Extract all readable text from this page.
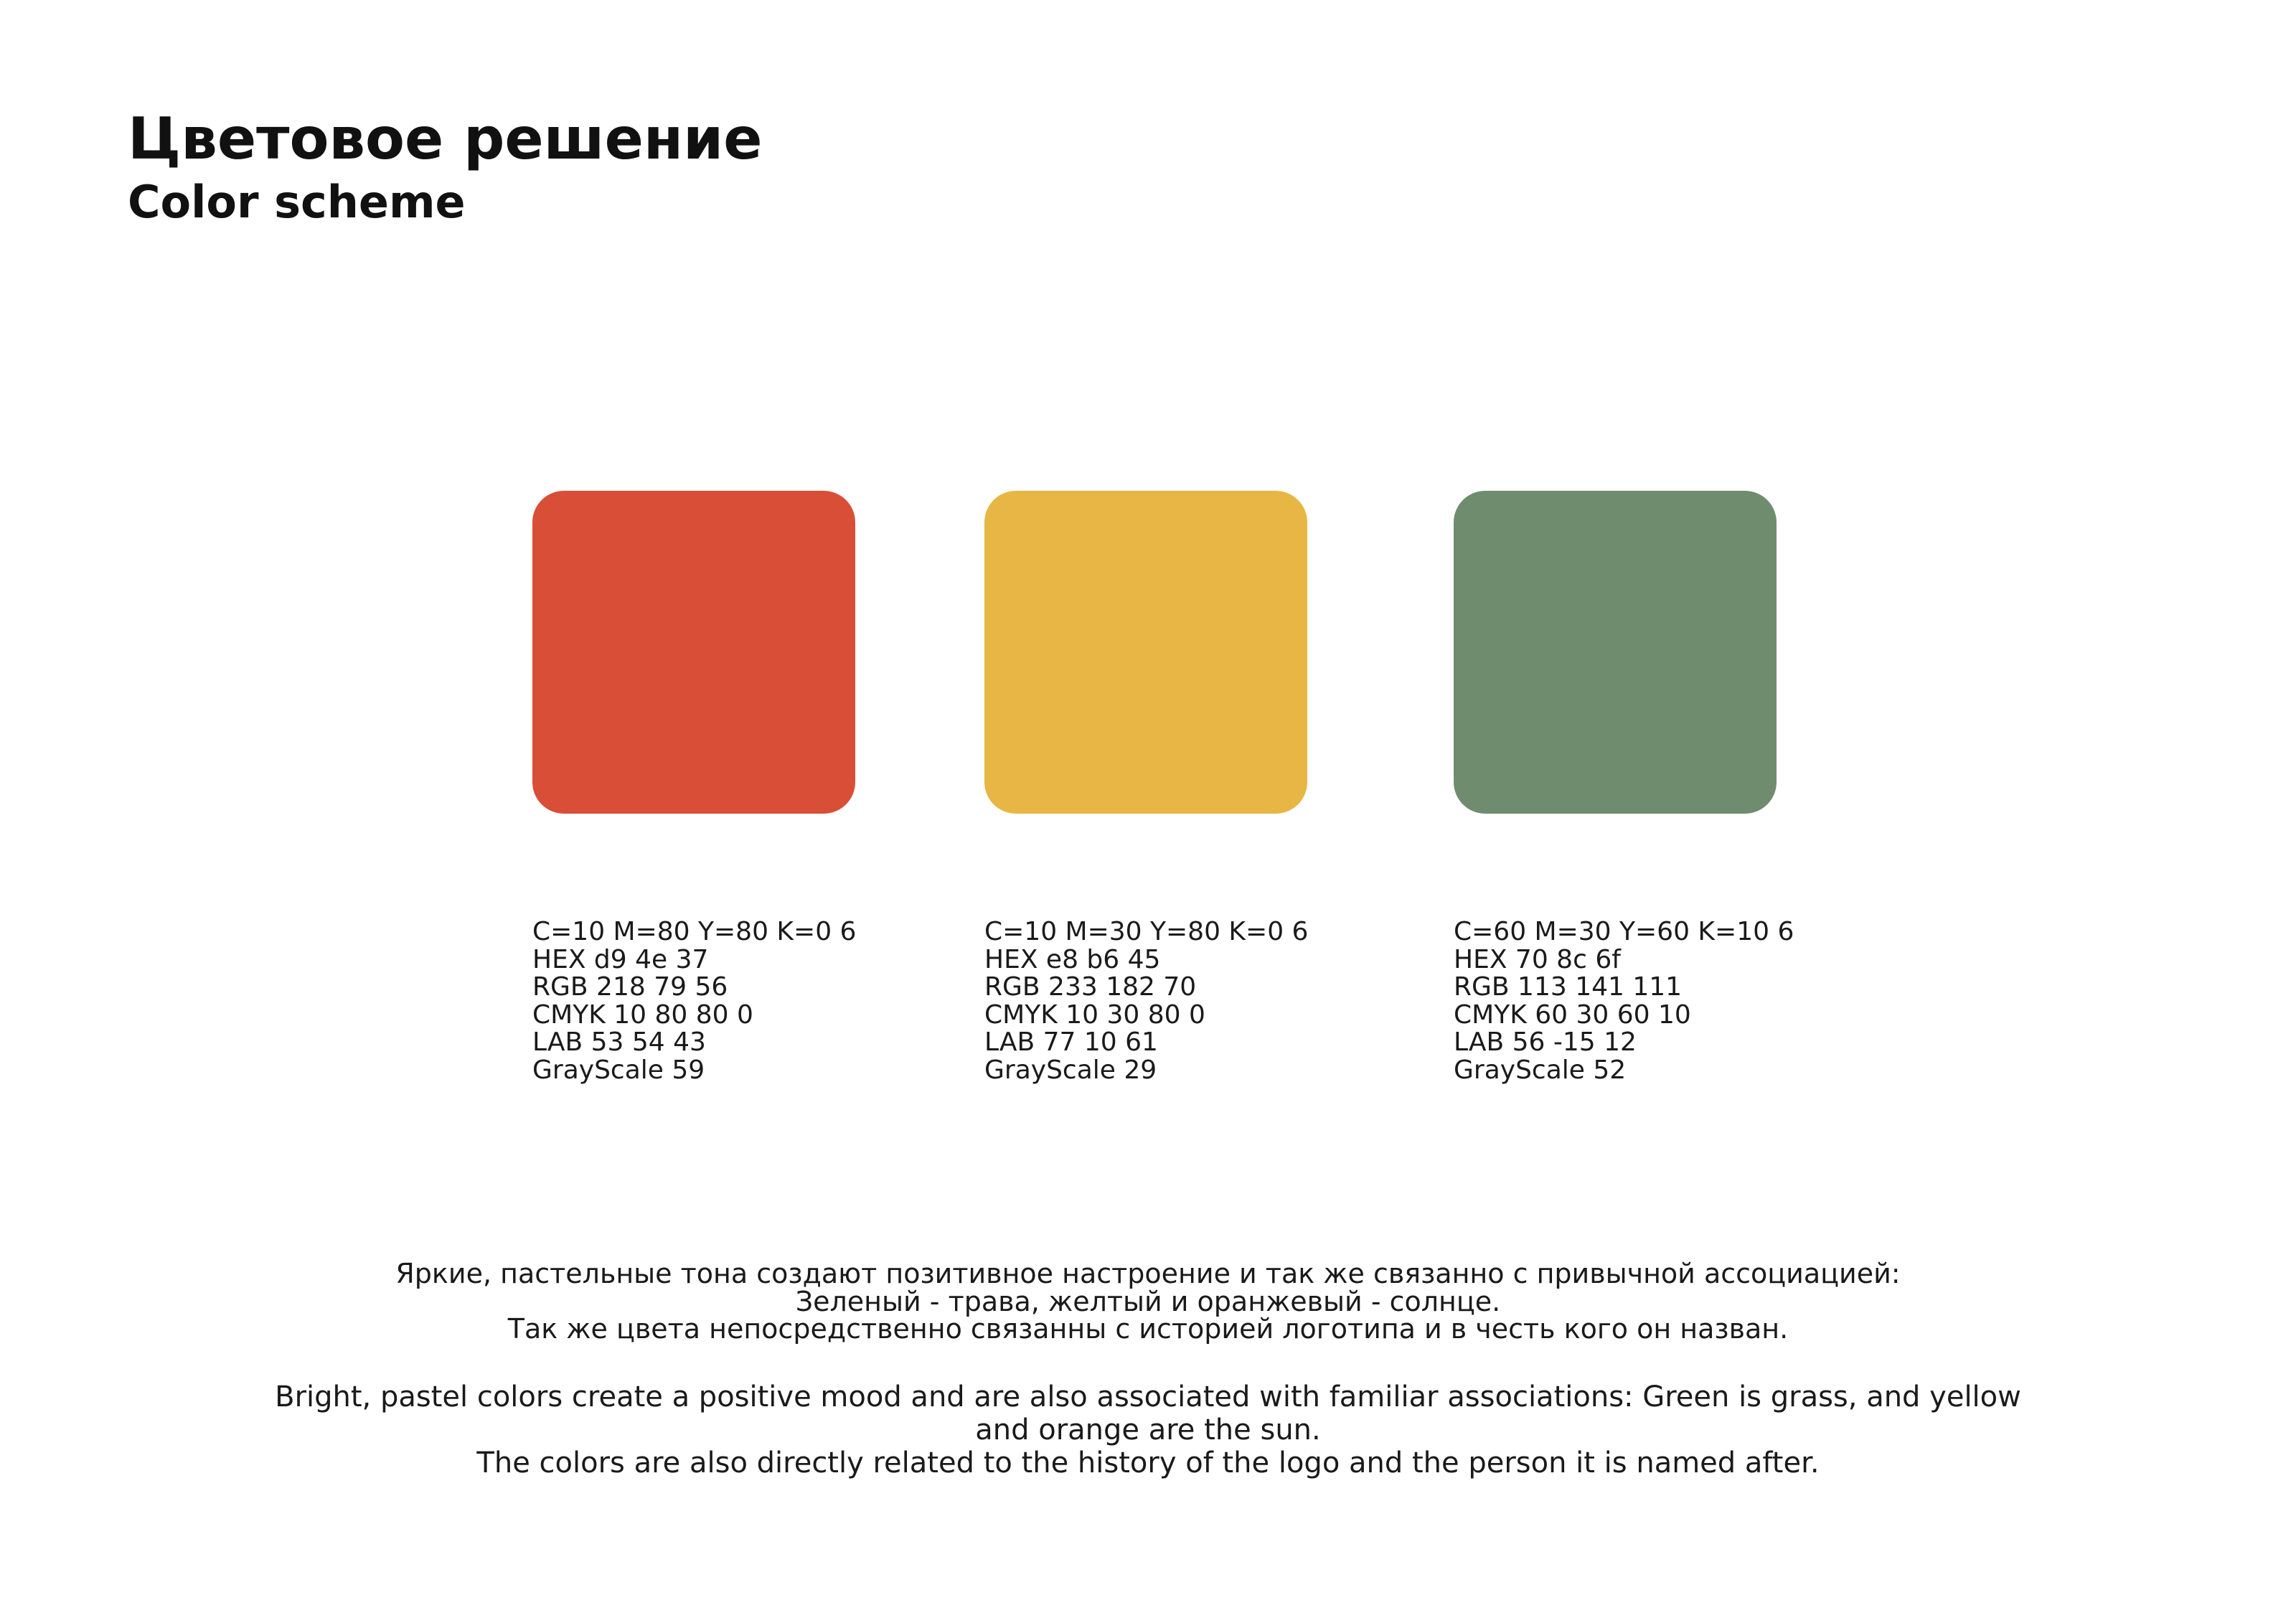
Цветовое решение
Color scheme
C=10 M=80 Y=80 K=0 6
HEX d9 4e 37
RGB 218 79 56
CMYK 10 80 80 0
LAB 53 54 43
GrayScale 59
C=10 M=30 Y=80 K=0 6
HEX e8 b6 45
RGB 233 182 70
CMYK 10 30 80 0
LAB 77 10 61
GrayScale 29
C=60 M=30 Y=60 K=10 6
HEX 70 8c 6f
RGB 113 141 111
CMYK 60 30 60 10
LAB 56 -15 12
GrayScale 52
Яркие, пастельные тона создают позитивное настроение и так же связанно с привычной ассоциацией:
Зеленый - трава, желтый и оранжевый - солнце.
Так же цвета непосредственно связанны с историей логотипа и в честь кого он назван.
Bright, pastel colors create a positive mood and are also associated with familiar associations: Green is grass, and yellow
and orange are the sun.
The colors are also directly related to the history of the logo and the person it is named after.
